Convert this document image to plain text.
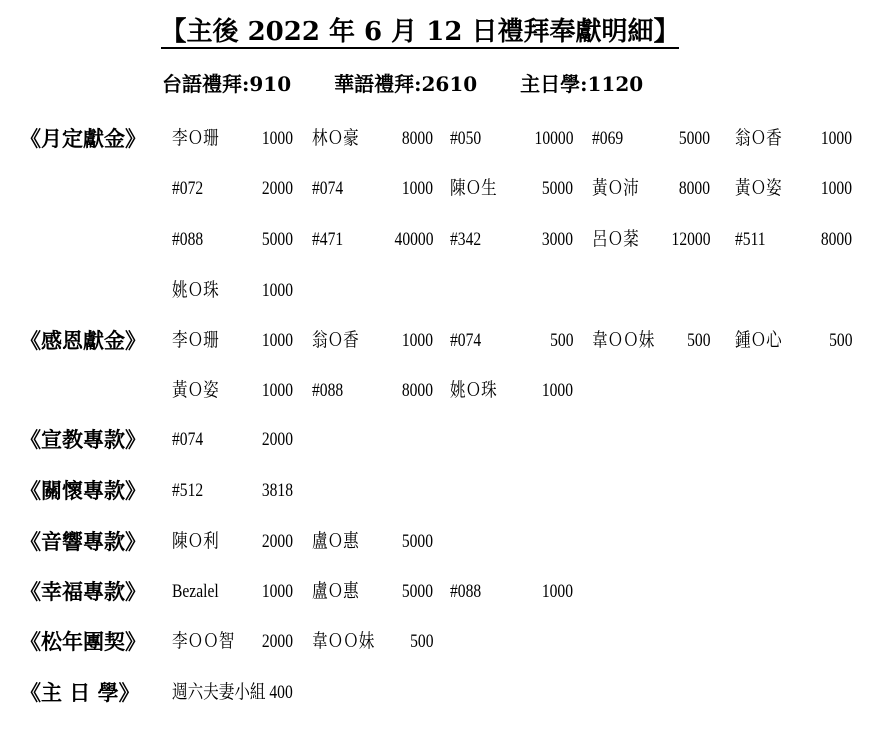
【主後 2022 年 6 月 12 日禮拜奉獻明細】
台語禮拜:910 華語禮拜:2610 主日學:1120
《月定獻金》 李Ｏ珊 1000 林Ｏ豪 8000 #050	10000 #069	5000 翁Ｏ香 1000
#072	2000 #074	1000 陳Ｏ生 5000 黃Ｏ沛 8000 黃Ｏ姿 1000
#088	5000 #471	40000 #342	3000 呂Ｏ棻 12000 #511	8000
姚Ｏ珠 1000
《感恩獻金》 李Ｏ珊 1000 翁Ｏ香 1000 #074	500 韋ＯＯ妹 500 鍾Ｏ心 500
黃Ｏ姿 1000 #088	8000 姚Ｏ珠 1000
《宣教專款》 #074	2000
《關懷專款》 #512	3818
《音響專款》 陳Ｏ利 2000 盧Ｏ惠 5000
《幸福專款》 Bezalel 1000 盧Ｏ惠 5000 #088	1000
《松年團契》 李ＯＯ智 2000 韋ＯＯ妹 500
《主 日 學》 週六夫妻小組 400
